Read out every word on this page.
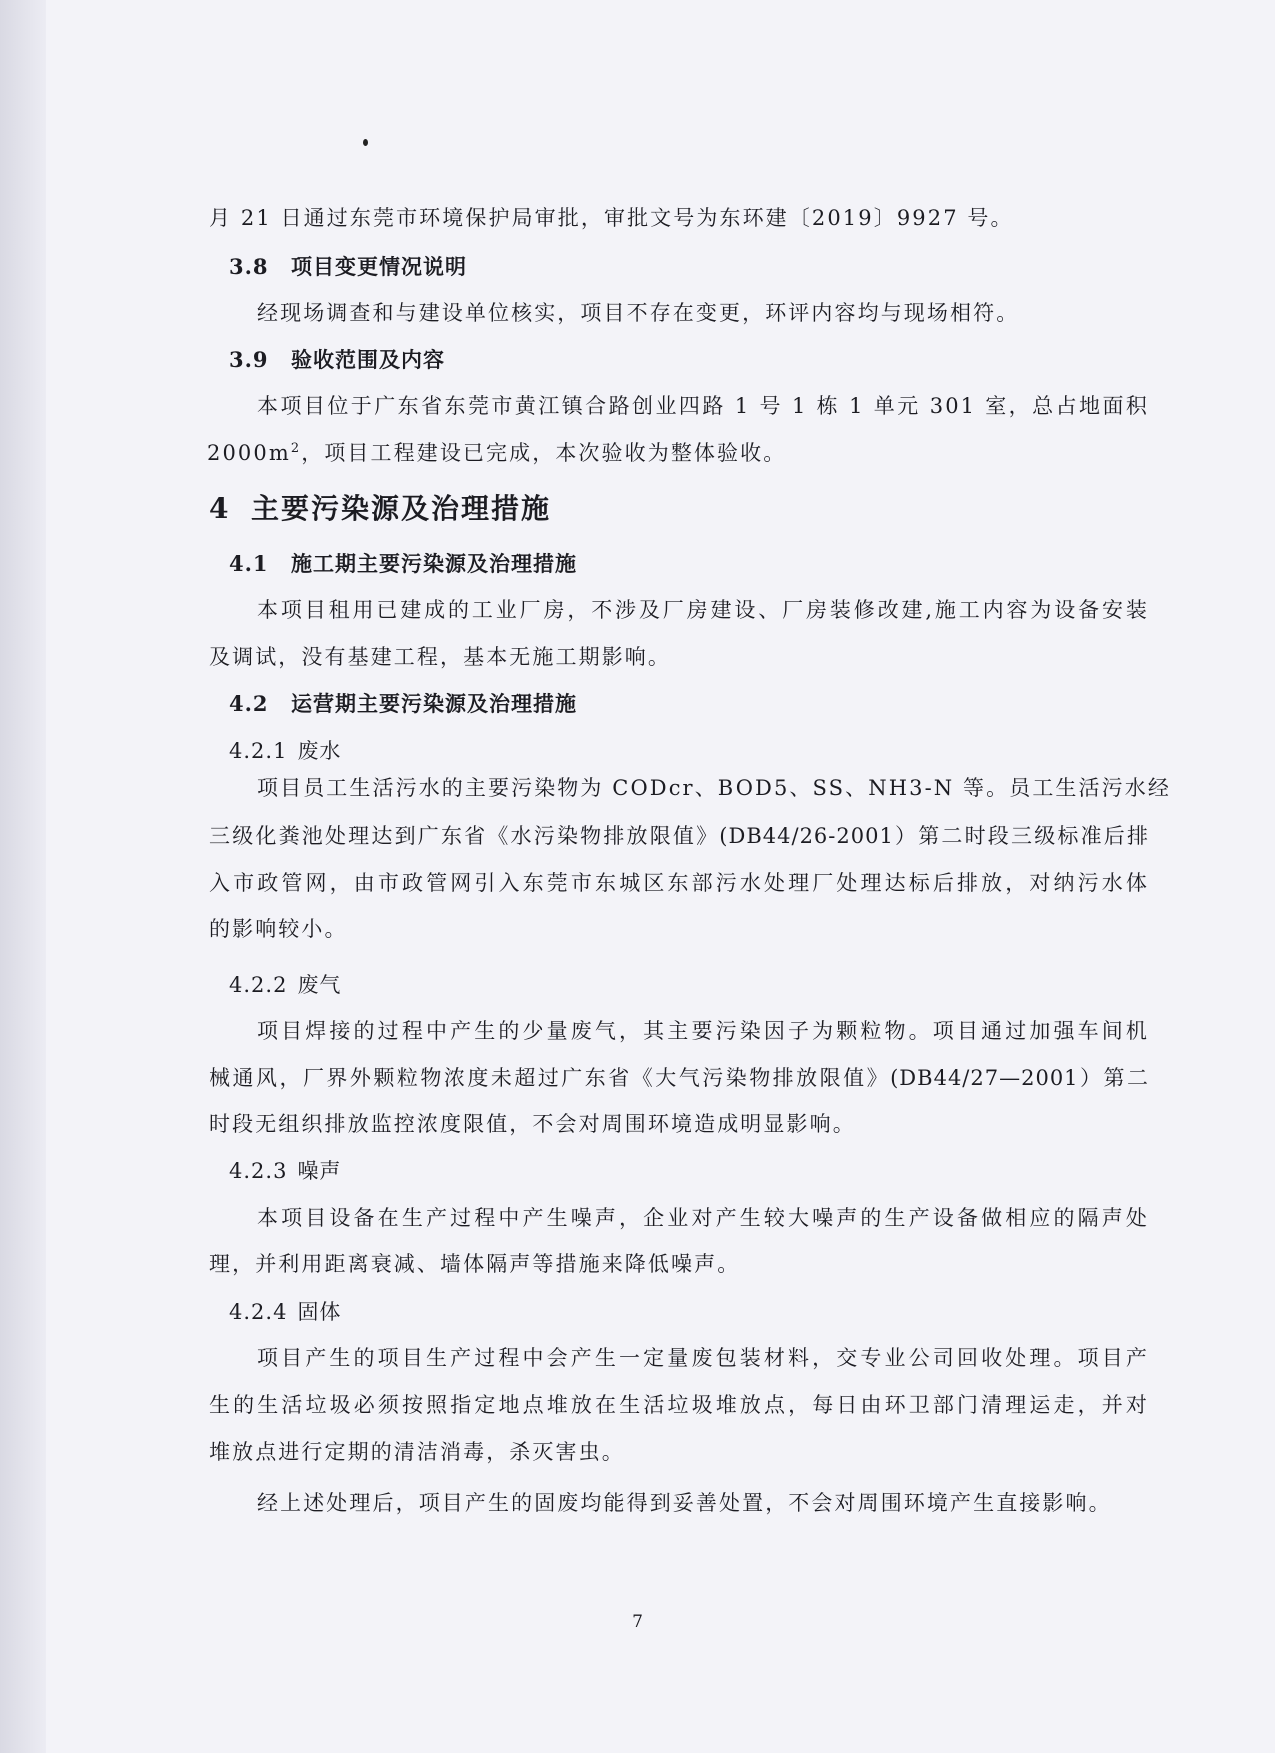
月 21 日通过东莞市环境保护局审批，审批文号为东环建〔2019〕9927 号。

3.8 项目变更情况说明

经现场调查和与建设单位核实，项目不存在变更，环评内容均与现场相符。

3.9 验收范围及内容

本项目位于广东省东莞市黄江镇合路创业四路 1 号 1 栋 1 单元 301 室，总占地面积

$2000m^2$，项目工程建设已完成，本次验收为整体验收。

4 主要污染源及治理措施

4.1 施工期主要污染源及治理措施

本项目租用已建成的工业厂房，不涉及厂房建设、厂房装修改建,施工内容为设备安装

及调试，没有基建工程，基本无施工期影响。

4.2 运营期主要污染源及治理措施

4.2.1 废水

项目员工生活污水的主要污染物为 CODcr、BOD5、SS、NH3-N 等。员工生活污水经

三级化粪池处理达到广东省《水污染物排放限值》(DB44/26-2001）第二时段三级标准后排

入市政管网，由市政管网引入东莞市东城区东部污水处理厂处理达标后排放，对纳污水体

的影响较小。

4.2.2 废气

项目焊接的过程中产生的少量废气，其主要污染因子为颗粒物。项目通过加强车间机

械通风，厂界外颗粒物浓度未超过广东省《大气污染物排放限值》(DB44/27—2001）第二

时段无组织排放监控浓度限值，不会对周围环境造成明显影响。

4.2.3 噪声

本项目设备在生产过程中产生噪声，企业对产生较大噪声的生产设备做相应的隔声处

理，并利用距离衰减、墙体隔声等措施来降低噪声。

4.2.4 固体

项目产生的项目生产过程中会产生一定量废包装材料，交专业公司回收处理。项目产

生的生活垃圾必须按照指定地点堆放在生活垃圾堆放点，每日由环卫部门清理运走，并对

堆放点进行定期的清洁消毒，杀灭害虫。

经上述处理后，项目产生的固废均能得到妥善处置，不会对周围环境产生直接影响。

7
